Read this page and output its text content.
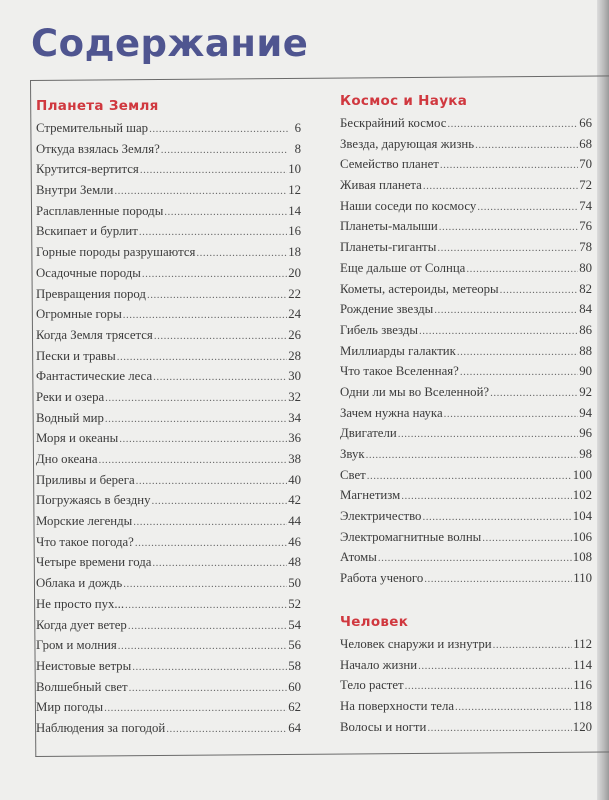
Содержание
Планета Земля
Стремительный шар .....	6
Откуда взялась Земля? .....	8
Крутится-вертится .....	10
Внутри Земли .....	12
Расплавленные породы .....	14
Вскипает и бурлит .....	16
Горные породы разрушаются .....	18
Осадочные породы .....	20
Превращения пород .....	22
Огромные горы .....	24
Когда Земля трясется .....	26
Пески и травы .....	28
Фантастические леса .....	30
Реки и озера .....	32
Водный мир .....	34
Моря и океаны .....	36
Дно океана .....	38
Приливы и берега .....	40
Погружаясь в бездну .....	42
Морские легенды .....	44
Что такое погода? .....	46
Четыре времени года .....	48
Облака и дождь .....	50
Не просто пух... .....	52
Когда дует ветер .....	54
Гром и молния .....	56
Неистовые ветры .....	58
Волшебный свет .....	60
Мир погоды .....	62
Наблюдения за погодой .....	64
Космос и Наука
Бескрайний космос .....	66
Звезда, дарующая жизнь .....	68
Семейство планет .....	70
Живая планета .....	72
Наши соседи по космосу .....	74
Планеты-малыши .....	76
Планеты-гиганты .....	78
Еще дальше от Солнца .....	80
Кометы, астероиды, метеоры .....	82
Рождение звезды .....	84
Гибель звезды .....	86
Миллиарды галактик .....	88
Что такое Вселенная? .....	90
Одни ли мы во Вселенной? .....	92
Зачем нужна наука .....	94
Двигатели .....	96
Звук .....	98
Свет .....	100
Магнетизм .....	102
Электричество .....	104
Электромагнитные волны .....	106
Атомы .....	108
Работа ученого .....	110
Человек
Человек снаружи и изнутри .....	112
Начало жизни .....	114
Тело растет .....	116
На поверхности тела .....	118
Волосы и ногти .....	120
